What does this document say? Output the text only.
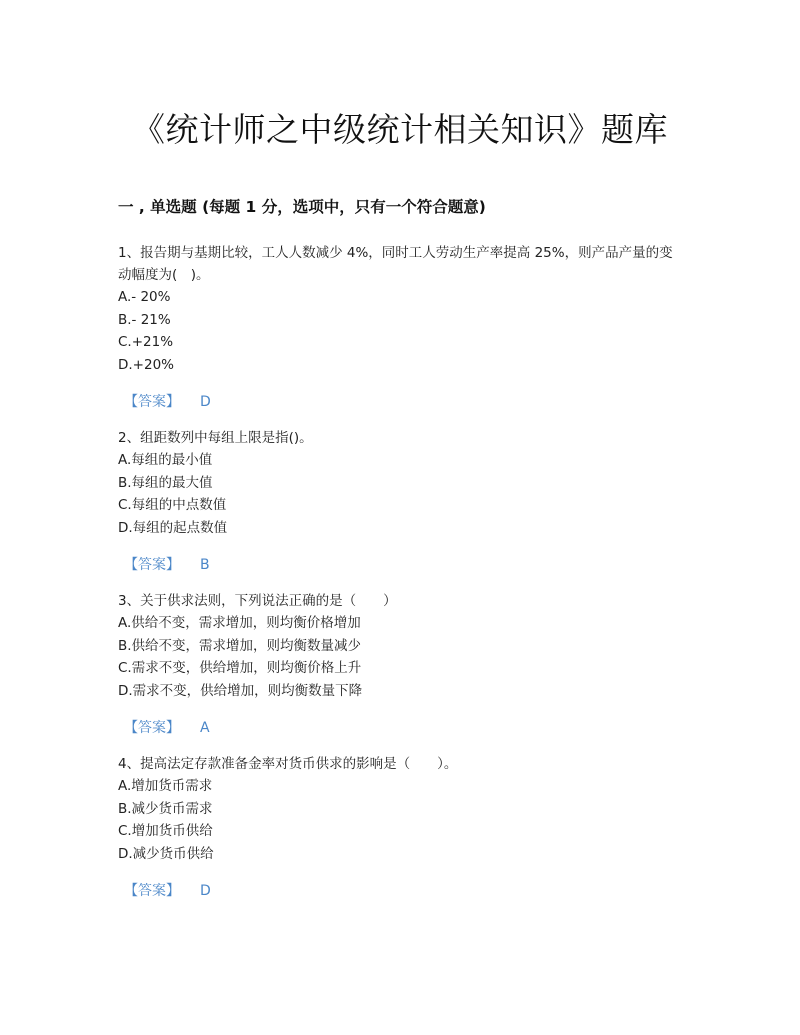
《统计师之中级统计相关知识》题库
一 , 单选题 (每题 1 分，选项中，只有一个符合题意)

1、报告期与基期比较，工人人数减少 4%，同时工人劳动生产率提高 25%，则产品产量的变动幅度为(　)。

A.- 20%
B.- 21%
C.+21%
D.+20%
【答案】 D

2、组距数列中每组上限是指()。

A.每组的最小值
B.每组的最大值
C.每组的中点数值
D.每组的起点数值
【答案】 B

3、关于供求法则，下列说法正确的是（　　）

A.供给不变，需求增加，则均衡价格增加
B.供给不变，需求增加，则均衡数量减少
C.需求不变，供给增加，则均衡价格上升
D.需求不变，供给增加，则均衡数量下降
【答案】 A

4、提高法定存款准备金率对货币供求的影响是（　　）。

A.增加货币需求
B.减少货币需求
C.增加货币供给
D.减少货币供给
【答案】 D
